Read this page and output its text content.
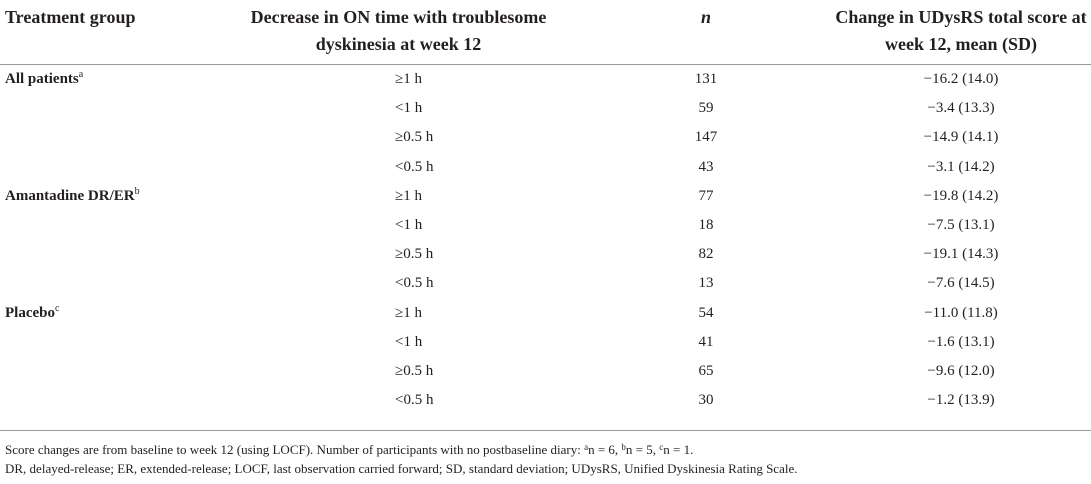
Treatment group	Decrease in ON time with troublesome
dyskinesia at week 12	n	Change in UDysRS total score at
week 12, mean (SD)
All patients$^a$	≥1 h	131	−16.2 (14.0)
	<1 h	59	−3.4 (13.3)
	≥0.5 h	147	−14.9 (14.1)
	<0.5 h	43	−3.1 (14.2)
Amantadine $DR/ER^b$	≥1 h	77	−19.8 (14.2)
	<1 h	18	−7.5 (13.1)
	≥0.5 h	82	−19.1 (14.3)
	<0.5 h	13	−7.6 (14.5)
Placebo$^c$	≥1 h	54	−11.0 (11.8)
	<1 h	41	−1.6 (13.1)
	≥0.5 h	65	−9.6 (12.0)
	<0.5 h	30	−1.2 (13.9)
Score changes are from baseline to week 12 (using LOCF). Number of participants with no postbaseline diary: $^a$n = 6, $^b$n = 5, $^c$n = 1.
DR, delayed-release; ER, extended-release; LOCF, last observation carried forward; SD, standard deviation; UDysRS, Unified Dyskinesia Rating Scale.
